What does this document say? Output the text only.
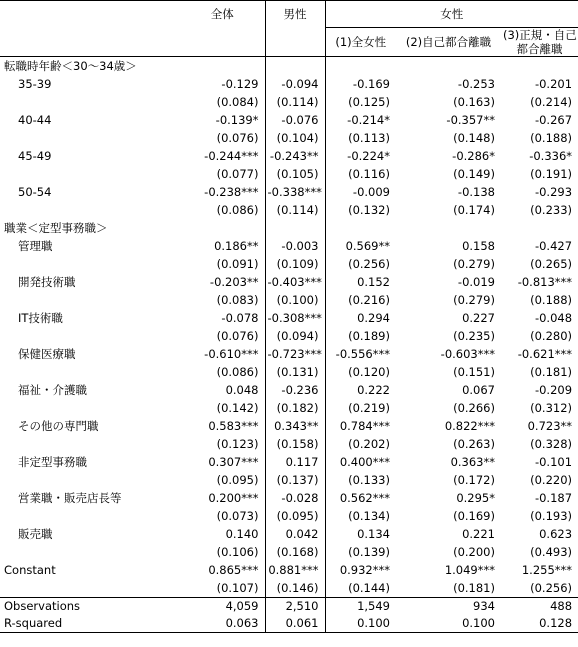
	全体	男性	女性		
			(1)全女性	(2)自己都合離職	(3)正規・自己
都合離職

転職時年齢＜30〜34歳＞					
35-39	-0.129	-0.094	-0.169	-0.253	-0.201
	(0.084)	(0.114)	(0.125)	(0.163)	(0.214)
40-44	-0.139*	-0.076	-0.214*	-0.357**	-0.267
	(0.076)	(0.104)	(0.113)	(0.148)	(0.188)
45-49	-0.244***	-0.243**	-0.224*	-0.286*	-0.336*
	(0.077)	(0.105)	(0.116)	(0.149)	(0.191)
50-54	-0.238***	-0.338***	-0.009	-0.138	-0.293
	(0.086)	(0.114)	(0.132)	(0.174)	(0.233)
職業＜定型事務職＞					
管理職	0.186**	-0.003	0.569**	0.158	-0.427
	(0.091)	(0.109)	(0.256)	(0.279)	(0.265)
開発技術職	-0.203**	-0.403***	0.152	-0.019	-0.813***
	(0.083)	(0.100)	(0.216)	(0.279)	(0.188)
IT技術職	-0.078	-0.308***	0.294	0.227	-0.048
	(0.076)	(0.094)	(0.189)	(0.235)	(0.280)
保健医療職	-0.610***	-0.723***	-0.556***	-0.603***	-0.621***
	(0.086)	(0.131)	(0.120)	(0.151)	(0.181)
福祉・介護職	0.048	-0.236	0.222	0.067	-0.209
	(0.142)	(0.182)	(0.219)	(0.266)	(0.312)
その他の専門職	0.583***	0.343**	0.784***	0.822***	0.723**
	(0.123)	(0.158)	(0.202)	(0.263)	(0.328)
非定型事務職	0.307***	0.117	0.400***	0.363**	-0.101
	(0.095)	(0.137)	(0.133)	(0.172)	(0.220)
営業職・販売店長等	0.200***	-0.028	0.562***	0.295*	-0.187
	(0.073)	(0.095)	(0.134)	(0.169)	(0.193)
販売職	0.140	0.042	0.134	0.221	0.623
	(0.106)	(0.168)	(0.139)	(0.200)	(0.493)
Constant	0.865***	0.881***	0.932***	1.049***	1.255***
	(0.107)	(0.146)	(0.144)	(0.181)	(0.256)
Observations	4,059	2,510	1,549	934	488
R-squared	0.063	0.061	0.100	0.100	0.128
